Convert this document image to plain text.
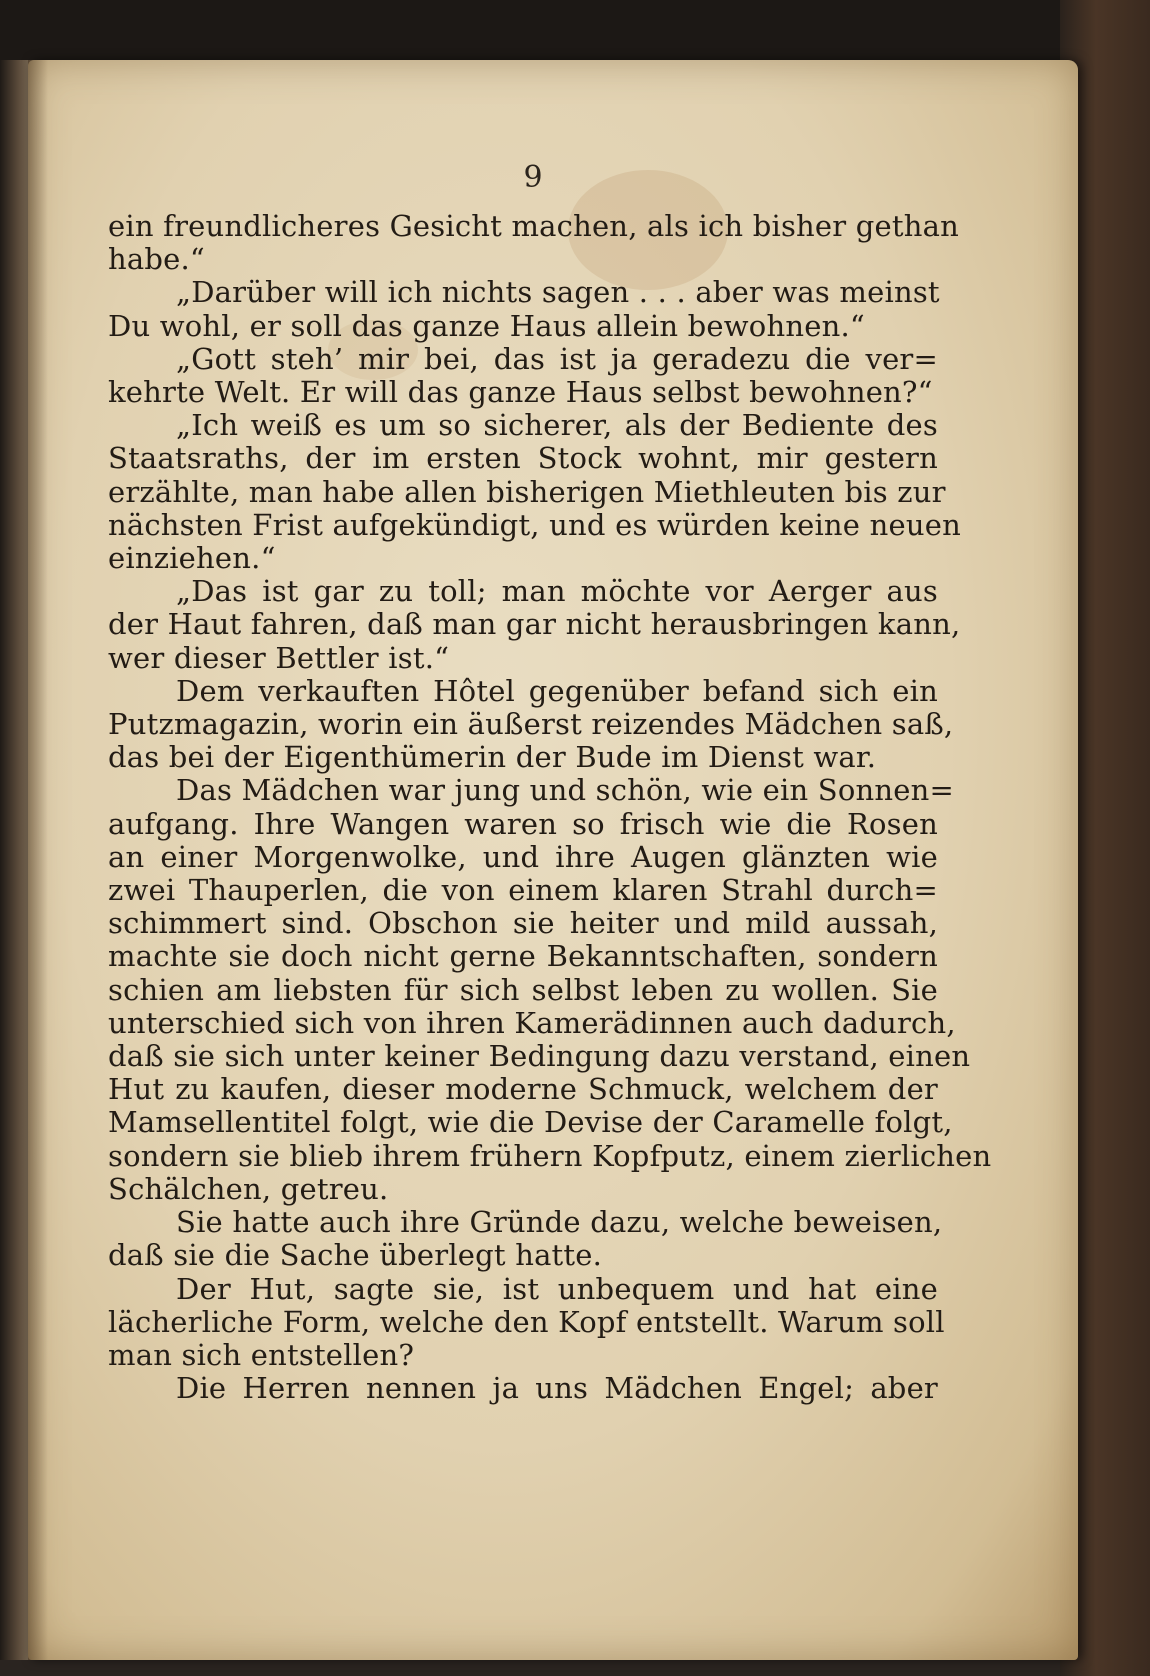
9
ein freundlicheres Gesicht machen, als ich bisher gethan
habe.“
„Darüber will ich nichts sagen . . . aber was meinst
Du wohl, er soll das ganze Haus allein bewohnen.“
„Gott steh’ mir bei, das ist ja geradezu die ver=
kehrte Welt. Er will das ganze Haus selbst bewohnen?“
„Ich weiß es um so sicherer, als der Bediente des
Staatsraths, der im ersten Stock wohnt, mir gestern
erzählte, man habe allen bisherigen Miethleuten bis zur
nächsten Frist aufgekündigt, und es würden keine neuen
einziehen.“
„Das ist gar zu toll; man möchte vor Aerger aus
der Haut fahren, daß man gar nicht herausbringen kann,
wer dieser Bettler ist.“
Dem verkauften Hôtel gegenüber befand sich ein
Putzmagazin, worin ein äußerst reizendes Mädchen saß,
das bei der Eigenthümerin der Bude im Dienst war.
Das Mädchen war jung und schön, wie ein Sonnen=
aufgang. Ihre Wangen waren so frisch wie die Rosen
an einer Morgenwolke, und ihre Augen glänzten wie
zwei Thauperlen, die von einem klaren Strahl durch=
schimmert sind. Obschon sie heiter und mild aussah,
machte sie doch nicht gerne Bekanntschaften, sondern
schien am liebsten für sich selbst leben zu wollen. Sie
unterschied sich von ihren Kamerädinnen auch dadurch,
daß sie sich unter keiner Bedingung dazu verstand, einen
Hut zu kaufen, dieser moderne Schmuck, welchem der
Mamsellentitel folgt, wie die Devise der Caramelle folgt,
sondern sie blieb ihrem frühern Kopfputz, einem zierlichen
Schälchen, getreu.
Sie hatte auch ihre Gründe dazu, welche beweisen,
daß sie die Sache überlegt hatte.
Der Hut, sagte sie, ist unbequem und hat eine
lächerliche Form, welche den Kopf entstellt. Warum soll
man sich entstellen?
Die Herren nennen ja uns Mädchen Engel; aber
